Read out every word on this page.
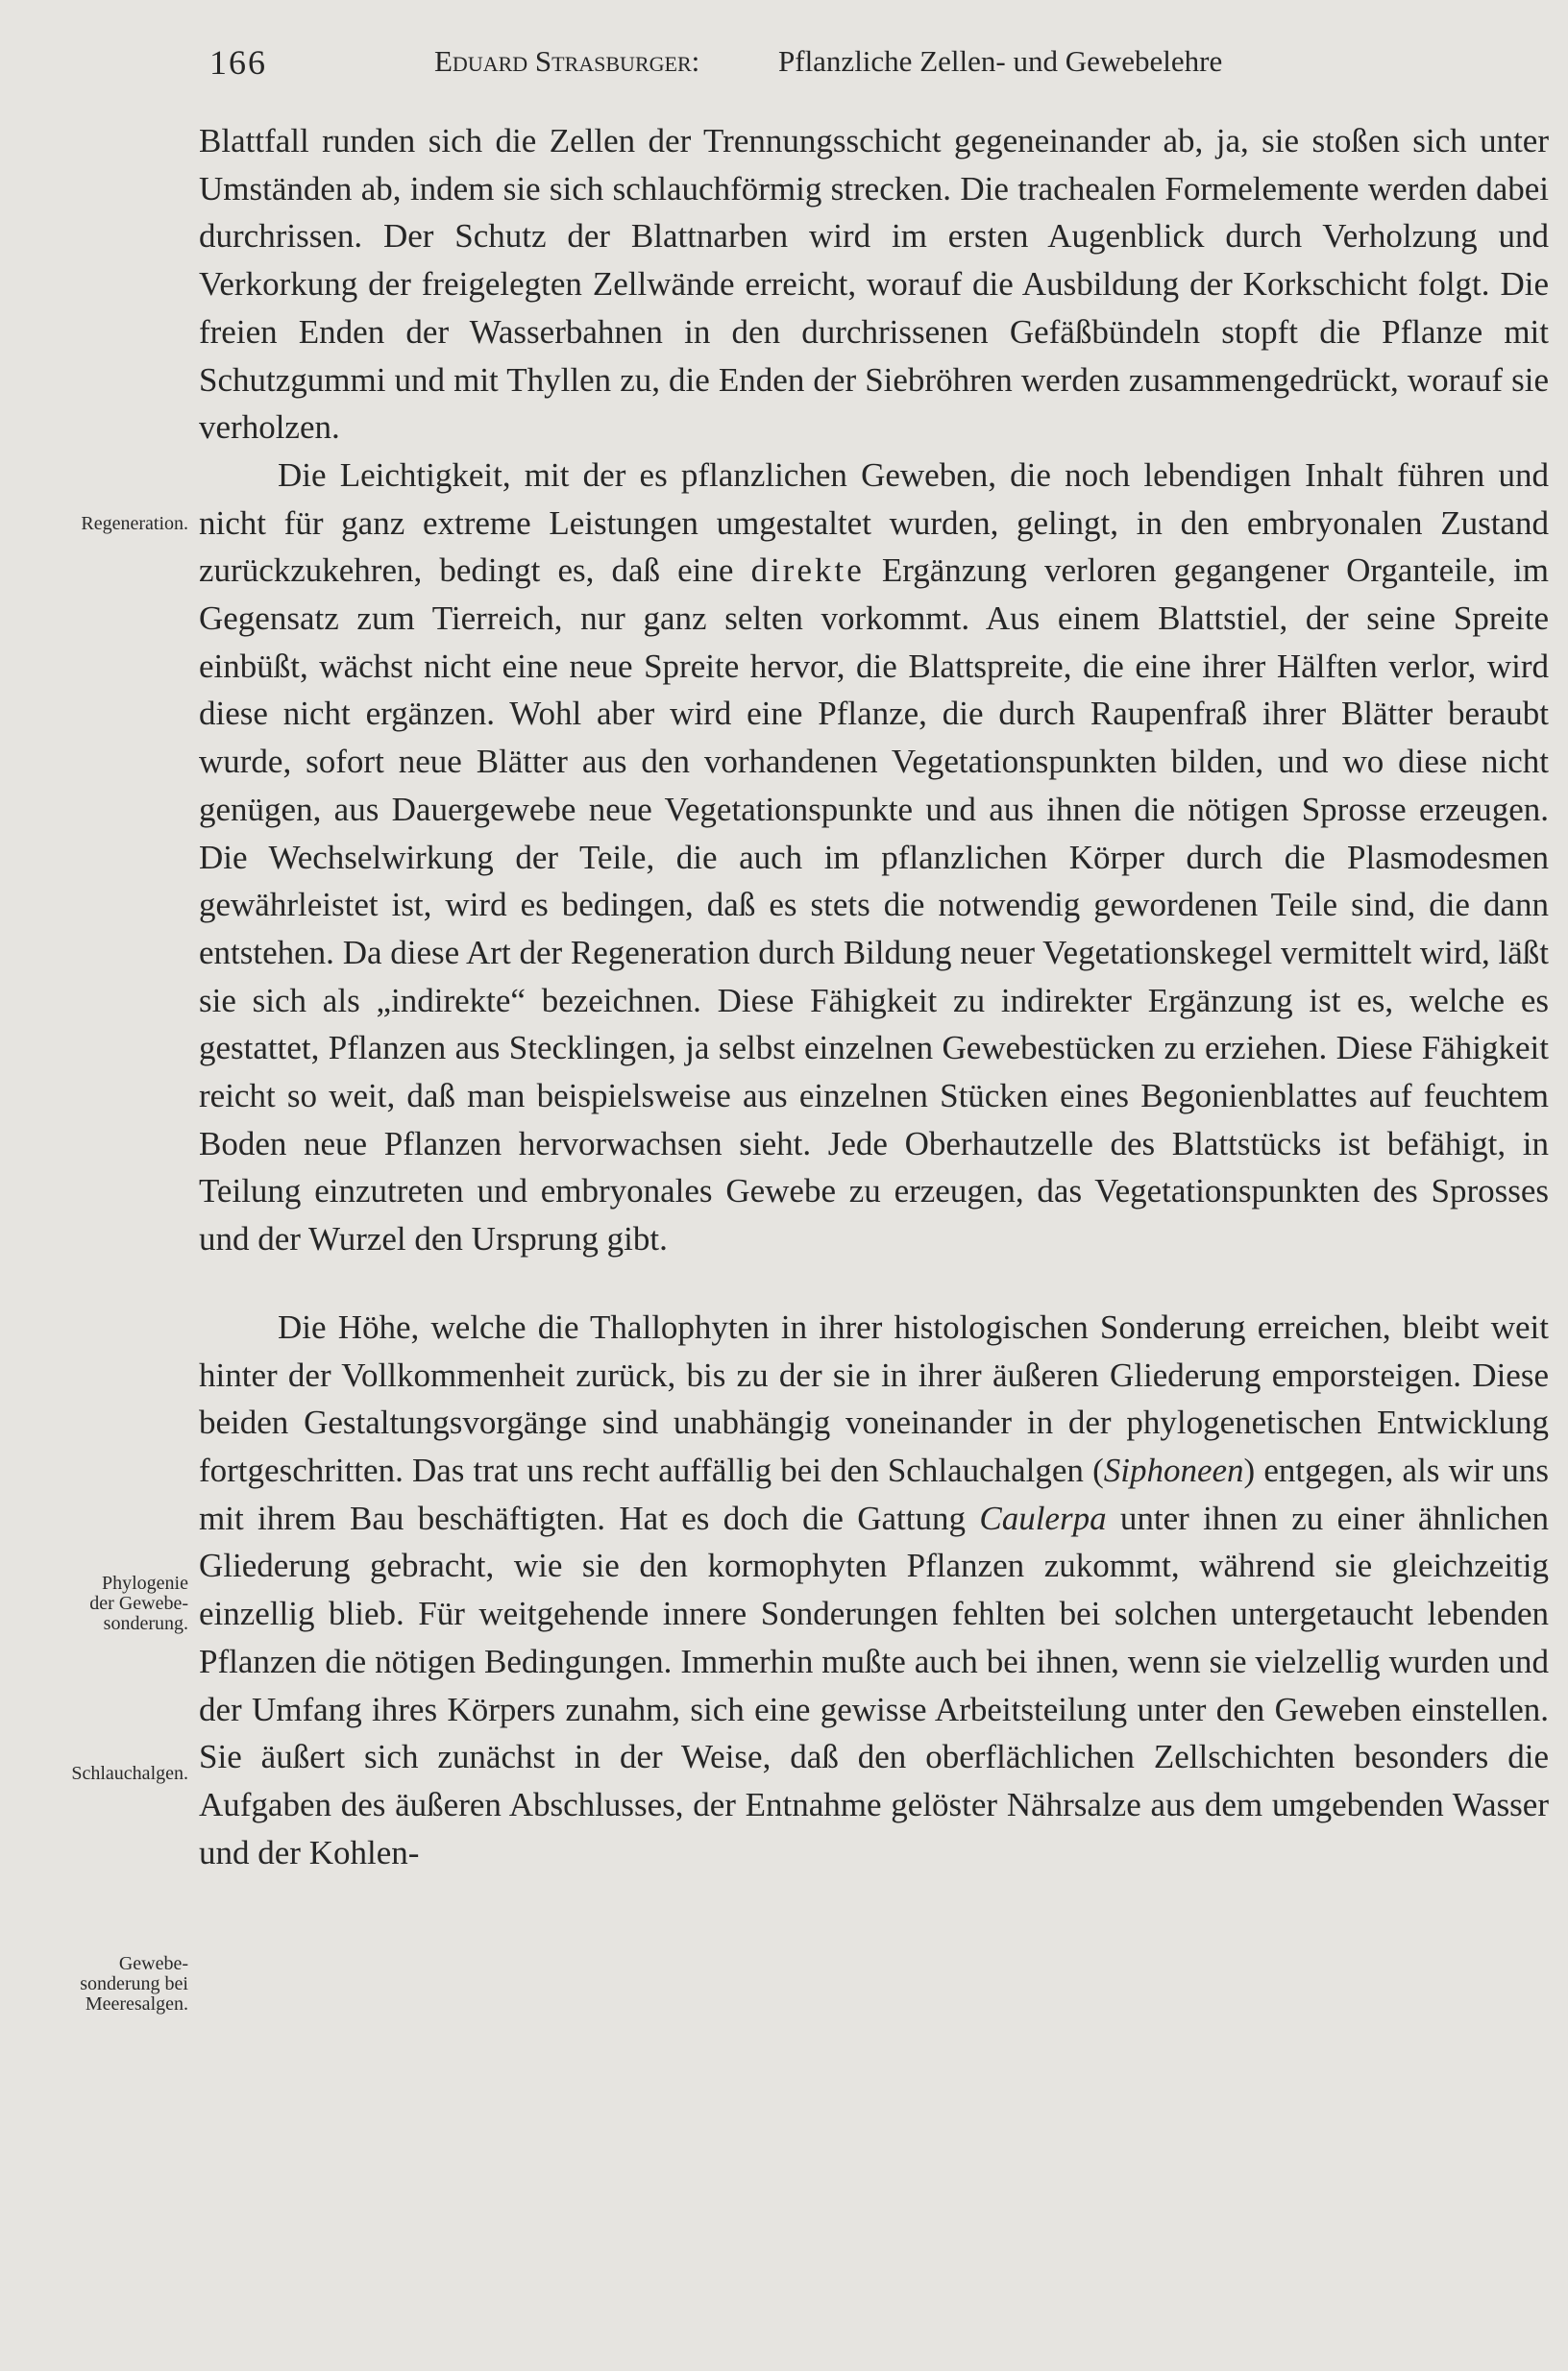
166	Eduard Strasburger:	Pflanzliche Zellen- und Gewebelehre
Regeneration.
Phylogenie
der Gewebe-
sonderung.
Schlauchalgen.
Gewebe-
sonderung bei
Meeresalgen.

Blattfall runden sich die Zellen der Trennungsschicht gegeneinander ab, ja, sie stoßen sich unter Umständen ab, indem sie sich schlauchförmig strecken. Die trachealen Formelemente werden dabei durchrissen. Der Schutz der Blattnarben wird im ersten Augenblick durch Verholzung und Verkorkung der freigelegten Zellwände erreicht, worauf die Ausbildung der Korkschicht folgt. Die freien Enden der Wasserbahnen in den durchrissenen Gefäßbündeln stopft die Pflanze mit Schutzgummi und mit Thyllen zu, die Enden der Siebröhren werden zusammengedrückt, worauf sie verholzen.

Die Leichtigkeit, mit der es pflanzlichen Geweben, die noch lebendigen Inhalt führen und nicht für ganz extreme Leistungen umgestaltet wurden, gelingt, in den embryonalen Zustand zurückzukehren, bedingt es, daß eine direkte Ergänzung verloren gegangener Organteile, im Gegensatz zum Tierreich, nur ganz selten vorkommt. Aus einem Blattstiel, der seine Spreite einbüßt, wächst nicht eine neue Spreite hervor, die Blattspreite, die eine ihrer Hälften verlor, wird diese nicht ergänzen. Wohl aber wird eine Pflanze, die durch Raupenfraß ihrer Blätter beraubt wurde, sofort neue Blätter aus den vorhandenen Vegetationspunkten bilden, und wo diese nicht genügen, aus Dauergewebe neue Vegetationspunkte und aus ihnen die nötigen Sprosse erzeugen. Die Wechselwirkung der Teile, die auch im pflanzlichen Körper durch die Plasmodesmen gewährleistet ist, wird es bedingen, daß es stets die notwendig gewordenen Teile sind, die dann entstehen. Da diese Art der Regeneration durch Bildung neuer Vegetationskegel vermittelt wird, läßt sie sich als „indirekte“ bezeichnen. Diese Fähigkeit zu indirekter Ergänzung ist es, welche es gestattet, Pflanzen aus Stecklingen, ja selbst einzelnen Gewebestücken zu erziehen. Diese Fähigkeit reicht so weit, daß man beispielsweise aus einzelnen Stücken eines Begonienblattes auf feuchtem Boden neue Pflanzen hervorwachsen sieht. Jede Oberhautzelle des Blattstücks ist befähigt, in Teilung einzutreten und embryonales Gewebe zu erzeugen, das Vegetationspunkten des Sprosses und der Wurzel den Ursprung gibt.

Die Höhe, welche die Thallophyten in ihrer histologischen Sonderung erreichen, bleibt weit hinter der Vollkommenheit zurück, bis zu der sie in ihrer äußeren Gliederung emporsteigen. Diese beiden Gestaltungsvorgänge sind unabhängig voneinander in der phylogenetischen Entwicklung fortgeschritten. Das trat uns recht auffällig bei den Schlauchalgen (Siphoneen) entgegen, als wir uns mit ihrem Bau beschäftigten. Hat es doch die Gattung Caulerpa unter ihnen zu einer ähnlichen Gliederung gebracht, wie sie den kormophyten Pflanzen zukommt, während sie gleichzeitig einzellig blieb. Für weitgehende innere Sonderungen fehlten bei solchen untergetaucht lebenden Pflanzen die nötigen Bedingungen. Immerhin mußte auch bei ihnen, wenn sie vielzellig wurden und der Umfang ihres Körpers zunahm, sich eine gewisse Arbeitsteilung unter den Geweben einstellen. Sie äußert sich zunächst in der Weise, daß den oberflächlichen Zellschichten besonders die Aufgaben des äußeren Abschlusses, der Entnahme gelöster Nährsalze aus dem umgebenden Wasser und der Kohlen-
